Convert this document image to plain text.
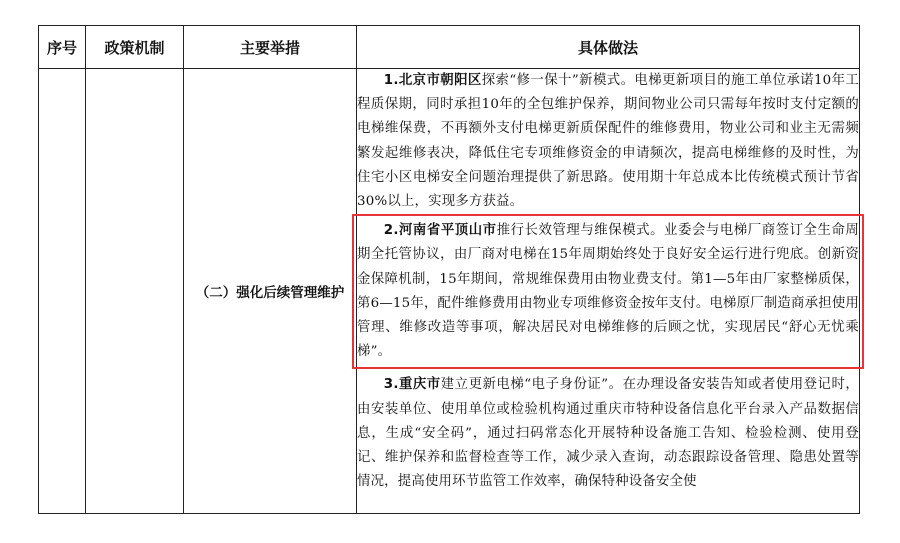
序号	政策机制	主要举措	具体做法
		（二）强化后续管理维护	1.北京市朝阳区探索“修一保十”新模式。电梯更新项目的施工单位承诺10年工程质保期，同时承担10年的全包维护保养，期间物业公司只需每年按时支付定额的电梯维保费，不再额外支付电梯更新质保配件的维修费用，物业公司和业主无需频繁发起维修表决，降低住宅专项维修资金的申请频次，提高电梯维修的及时性，为住宅小区电梯安全问题治理提供了新思路。使用期十年总成本比传统模式预计节省30%以上，实现多方获益。

2.河南省平顶山市推行长效管理与维保模式。业委会与电梯厂商签订全生命周期全托管协议，由厂商对电梯在15年周期始终处于良好安全运行进行兜底。创新资金保障机制，15年期间，常规维保费用由物业费支付。第1—5年由厂家整梯质保，第6—15年，配件维修费用由物业专项维修资金按年支付。电梯原厂制造商承担使用管理、维修改造等事项，解决居民对电梯维修的后顾之忧，实现居民“舒心无忧乘梯”。

3.重庆市建立更新电梯“电子身份证”。在办理设备安装告知或者使用登记时，由安装单位、使用单位或检验机构通过重庆市特种设备信息化平台录入产品数据信息，生成“安全码”，通过扫码常态化开展特种设备施工告知、检验检测、使用登记、维护保养和监督检查等工作，减少录入查询，动态跟踪设备管理、隐患处置等情况，提高使用环节监管工作效率，确保特种设备安全使
